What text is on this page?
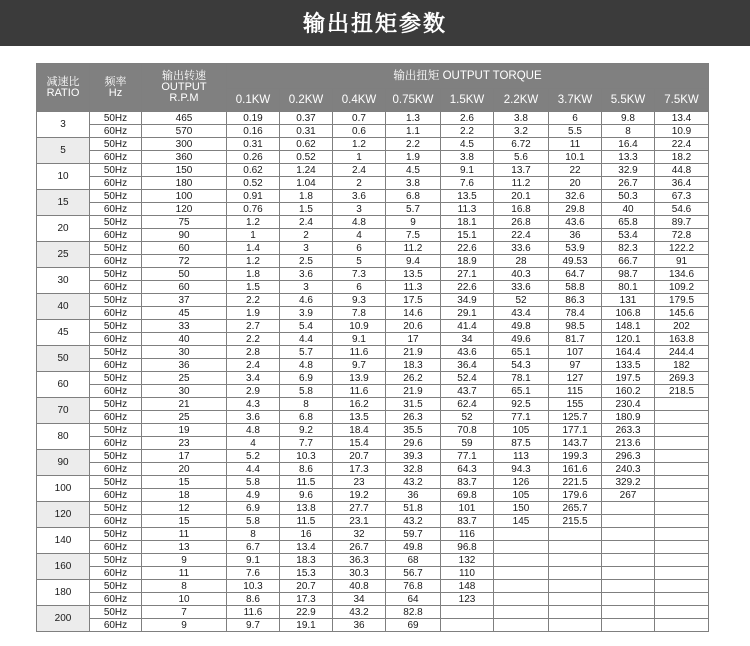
输出扭矩参数
减速比
RATIO	频率
Hz	输出转速
OUTPUT
R.P.M	输出扭矩 OUTPUT TORQUE								
			0.1KW	0.2KW	0.4KW	0.75KW	1.5KW	2.2KW	3.7KW	5.5KW	7.5KW
3	50Hz	465	0.19	0.37	0.7	1.3	2.6	3.8	6	9.8	13.4
	60Hz	570	0.16	0.31	0.6	1.1	2.2	3.2	5.5	8	10.9
5	50Hz	300	0.31	0.62	1.2	2.2	4.5	6.72	11	16.4	22.4
	60Hz	360	0.26	0.52	1	1.9	3.8	5.6	10.1	13.3	18.2
10	50Hz	150	0.62	1.24	2.4	4.5	9.1	13.7	22	32.9	44.8
	60Hz	180	0.52	1.04	2	3.8	7.6	11.2	20	26.7	36.4
15	50Hz	100	0.91	1.8	3.6	6.8	13.5	20.1	32.6	50.3	67.3
	60Hz	120	0.76	1.5	3	5.7	11.3	16.8	29.8	40	54.6
20	50Hz	75	1.2	2.4	4.8	9	18.1	26.8	43.6	65.8	89.7
	60Hz	90	1	2	4	7.5	15.1	22.4	36	53.4	72.8
25	50Hz	60	1.4	3	6	11.2	22.6	33.6	53.9	82.3	122.2
	60Hz	72	1.2	2.5	5	9.4	18.9	28	49.53	66.7	91
30	50Hz	50	1.8	3.6	7.3	13.5	27.1	40.3	64.7	98.7	134.6
	60Hz	60	1.5	3	6	11.3	22.6	33.6	58.8	80.1	109.2
40	50Hz	37	2.2	4.6	9.3	17.5	34.9	52	86.3	131	179.5
	60Hz	45	1.9	3.9	7.8	14.6	29.1	43.4	78.4	106.8	145.6
45	50Hz	33	2.7	5.4	10.9	20.6	41.4	49.8	98.5	148.1	202
	60Hz	40	2.2	4.4	9.1	17	34	49.6	81.7	120.1	163.8
50	50Hz	30	2.8	5.7	11.6	21.9	43.6	65.1	107	164.4	244.4
	60Hz	36	2.4	4.8	9.7	18.3	36.4	54.3	97	133.5	182
60	50Hz	25	3.4	6.9	13.9	26.2	52.4	78.1	127	197.5	269.3
	60Hz	30	2.9	5.8	11.6	21.9	43.7	65.1	115	160.2	218.5
70	50Hz	21	4.3	8	16.2	31.5	62.4	92.5	155	230.4	
	60Hz	25	3.6	6.8	13.5	26.3	52	77.1	125.7	180.9	
80	50Hz	19	4.8	9.2	18.4	35.5	70.8	105	177.1	263.3	
	60Hz	23	4	7.7	15.4	29.6	59	87.5	143.7	213.6	
90	50Hz	17	5.2	10.3	20.7	39.3	77.1	113	199.3	296.3	
	60Hz	20	4.4	8.6	17.3	32.8	64.3	94.3	161.6	240.3	
100	50Hz	15	5.8	11.5	23	43.2	83.7	126	221.5	329.2	
	60Hz	18	4.9	9.6	19.2	36	69.8	105	179.6	267	
120	50Hz	12	6.9	13.8	27.7	51.8	101	150	265.7		
	60Hz	15	5.8	11.5	23.1	43.2	83.7	145	215.5		
140	50Hz	11	8	16	32	59.7	116				
	60Hz	13	6.7	13.4	26.7	49.8	96.8				
160	50Hz	9	9.1	18.3	36.3	68	132				
	60Hz	11	7.6	15.3	30.3	56.7	110				
180	50Hz	8	10.3	20.7	40.8	76.8	148				
	60Hz	10	8.6	17.3	34	64	123				
200	50Hz	7	11.6	22.9	43.2	82.8					
	60Hz	9	9.7	19.1	36	69					
